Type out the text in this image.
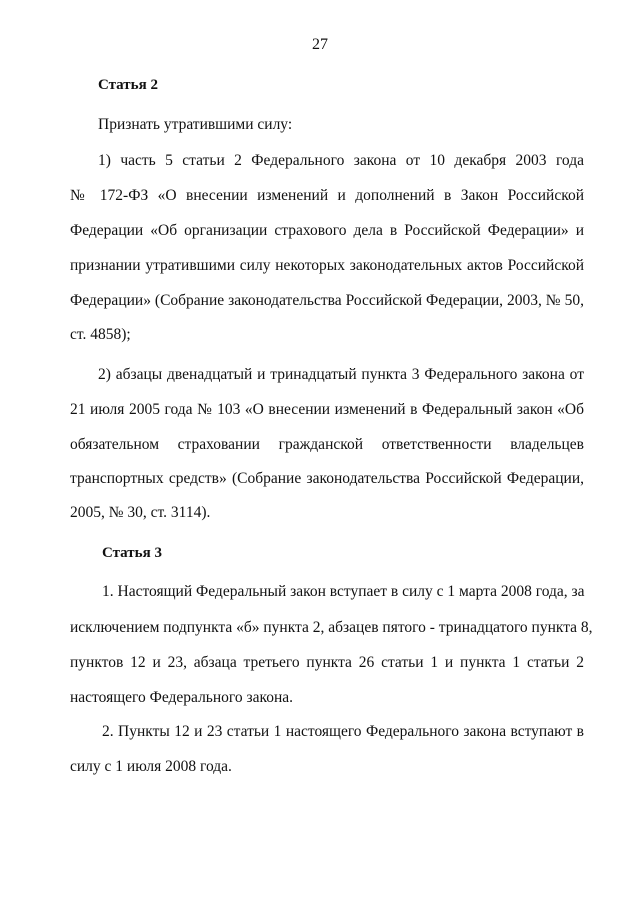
27
Статья 2
Признать утратившими силу:
1) часть 5 статьи 2 Федерального закона от 10 декабря 2003 года
№ 172-ФЗ «О внесении изменений и дополнений в Закон Российской
Федерации «Об организации страхового дела в Российской Федерации» и
признании утратившими силу некоторых законодательных актов Российской
Федерации» (Собрание законодательства Российской Федерации, 2003, № 50,
ст. 4858);
2) абзацы двенадцатый и тринадцатый пункта 3 Федерального закона от
21 июля 2005 года № 103 «О внесении изменений в Федеральный закон «Об
обязательном страховании гражданской ответственности владельцев
транспортных средств» (Собрание законодательства Российской Федерации,
2005, № 30, ст. 3114).
Статья 3
1. Настоящий Федеральный закон вступает в силу с 1 марта 2008 года, за
исключением подпункта «б» пункта 2, абзацев пятого - тринадцатого пункта 8,
пунктов 12 и 23, абзаца третьего пункта 26 статьи 1 и пункта 1 статьи 2
настоящего Федерального закона.
2. Пункты 12 и 23 статьи 1 настоящего Федерального закона вступают в
силу с 1 июля 2008 года.
